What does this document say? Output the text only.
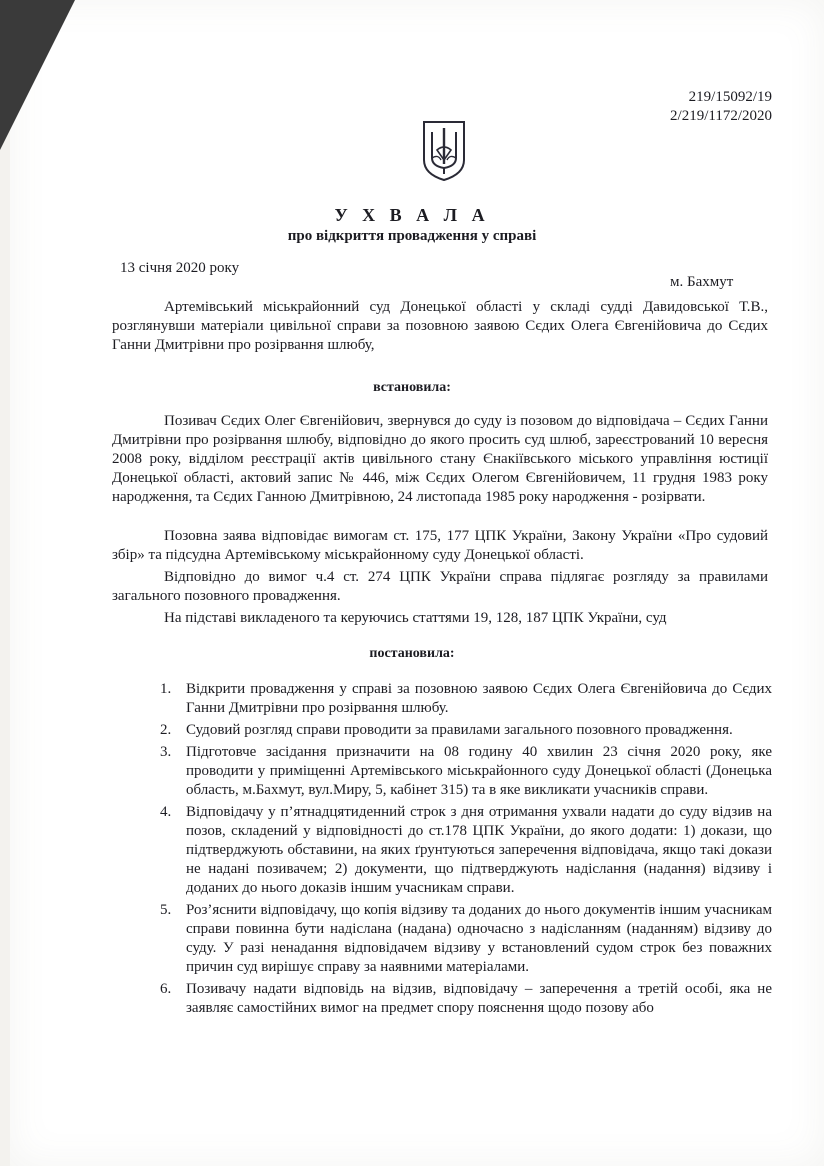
219/15092/19
2/219/1172/2020
У Х В А Л А
про відкриття провадження у справі
13 січня 2020 року
м. Бахмут
Артемівський міськрайонний суд Донецької області у складі судді Давидовської Т.В., розглянувши матеріали цивільної справи за позовною заявою Сєдих Олега Євгенійовича до Сєдих Ганни Дмитрівни про розірвання шлюбу,
встановила:
Позивач Сєдих Олег Євгенійович, звернувся до суду із позовом до відповідача – Сєдих Ганни Дмитрівни про розірвання шлюбу, відповідно до якого просить суд шлюб, зареєстрований 10 вересня 2008 року, відділом реєстрації актів цивільного стану Єнакіївського міського управління юстиції Донецької області, актовий запис № 446, між Сєдих Олегом Євгенійовичем, 11 грудня 1983 року народження, та Сєдих Ганною Дмитрівною, 24 листопада 1985 року народження - розірвати.
Позовна заява відповідає вимогам ст. 175, 177 ЦПК України, Закону України «Про судовий збір» та підсудна Артемівському міськрайонному суду Донецької області.
Відповідно до вимог ч.4 ст. 274 ЦПК України справа підлягає розгляду за правилами загального позовного провадження.
На підставі викладеного та керуючись статтями 19, 128, 187 ЦПК України, суд
постановила:
1. Відкрити провадження у справі за позовною заявою Сєдих Олега Євгенійовича до Сєдих Ганни Дмитрівни про розірвання шлюбу.
2. Судовий розгляд справи проводити за правилами загального позовного провадження.
3. Підготовче засідання призначити на 08 годину 40 хвилин 23 січня 2020 року, яке проводити у приміщенні Артемівського міськрайонного суду Донецької області (Донецька область, м.Бахмут, вул.Миру, 5, кабінет 315) та в яке викликати учасників справи.
4. Відповідачу у п’ятнадцятиденний строк з дня отримання ухвали надати до суду відзив на позов, складений у відповідності до ст.178 ЦПК України, до якого додати: 1) докази, що підтверджують обставини, на яких ґрунтуються заперечення відповідача, якщо такі докази не надані позивачем; 2) документи, що підтверджують надіслання (надання) відзиву і доданих до нього доказів іншим учасникам справи.
5. Роз’яснити відповідачу, що копія відзиву та доданих до нього документів іншим учасникам справи повинна бути надіслана (надана) одночасно з надісланням (наданням) відзиву до суду. У разі ненадання відповідачем відзиву у встановлений судом строк без поважних причин суд вирішує справу за наявними матеріалами.
6. Позивачу надати відповідь на відзив, відповідачу – заперечення а третій особі, яка не заявляє самостійних вимог на предмет спору пояснення щодо позову або
